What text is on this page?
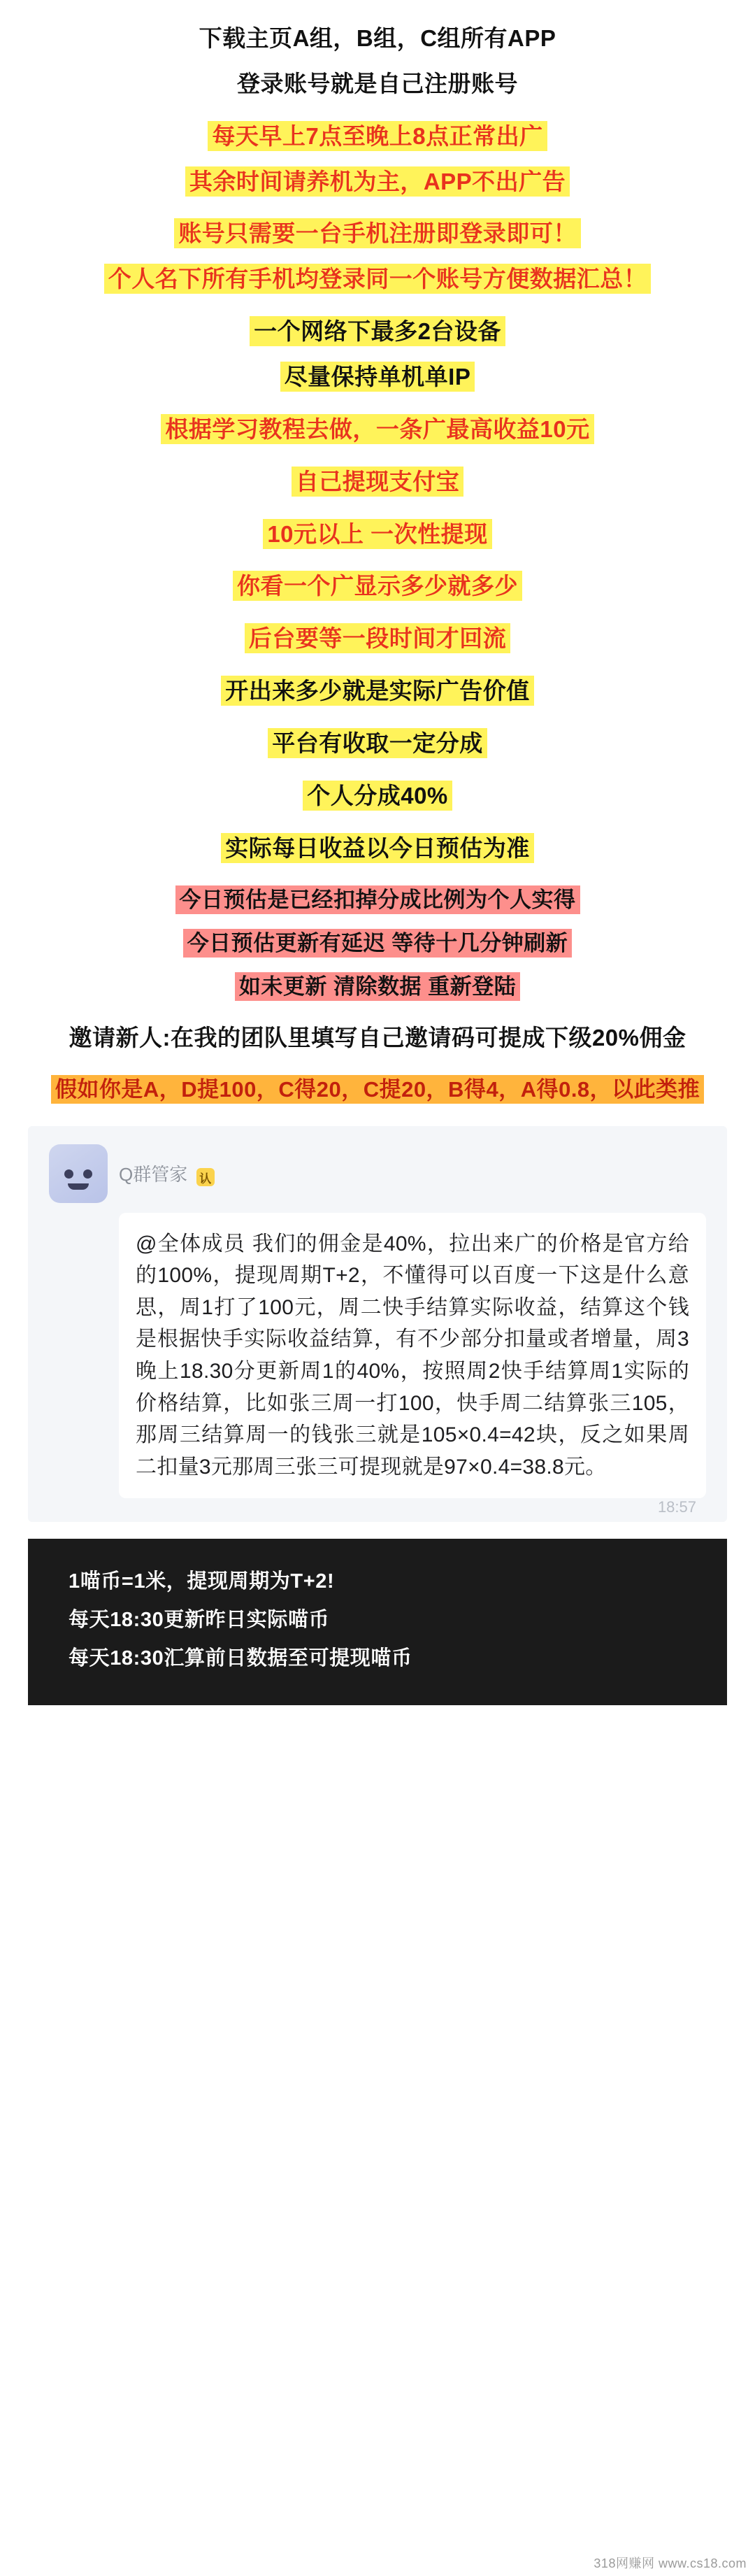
下载主页A组，B组，C组所有APP
登录账号就是自己注册账号
每天早上7点至晚上8点正常出广
其余时间请养机为主，APP不出广告
账号只需要一台手机注册即登录即可！
个人名下所有手机均登录同一个账号方便数据汇总！
一个网络下最多2台设备
尽量保持单机单IP
根据学习教程去做，一条广最高收益10元
自己提现支付宝
10元以上 一次性提现
你看一个广显示多少就多少
后台要等一段时间才回流
开出来多少就是实际广告价值
平台有收取一定分成
个人分成40%
实际每日收益以今日预估为准
今日预估是已经扣掉分成比例为个人实得
今日预估更新有延迟 等待十几分钟刷新
如未更新 清除数据 重新登陆
邀请新人:在我的团队里填写自己邀请码可提成下级20%佣金
假如你是A，D提100，C得20，C提20，B得4，A得0.8，以此类推
Q群管家 认
@全体成员 我们的佣金是40%，拉出来广的价格是官方给的100%，提现周期T+2，不懂得可以百度一下这是什么意思，周1打了100元，周二快手结算实际收益，结算这个钱是根据快手实际收益结算，有不少部分扣量或者增量，周3晚上18.30分更新周1的40%，按照周2快手结算周1实际的价格结算，比如张三周一打100，快手周二结算张三105，那周三结算周一的钱张三就是105×0.4=42块，反之如果周二扣量3元那周三张三可提现就是97×0.4=38.8元。
18:57
1喵币=1米，提现周期为T+2!
每天18:30更新昨日实际喵币
每天18:30汇算前日数据至可提现喵币
318网赚网 www.cs18.com
